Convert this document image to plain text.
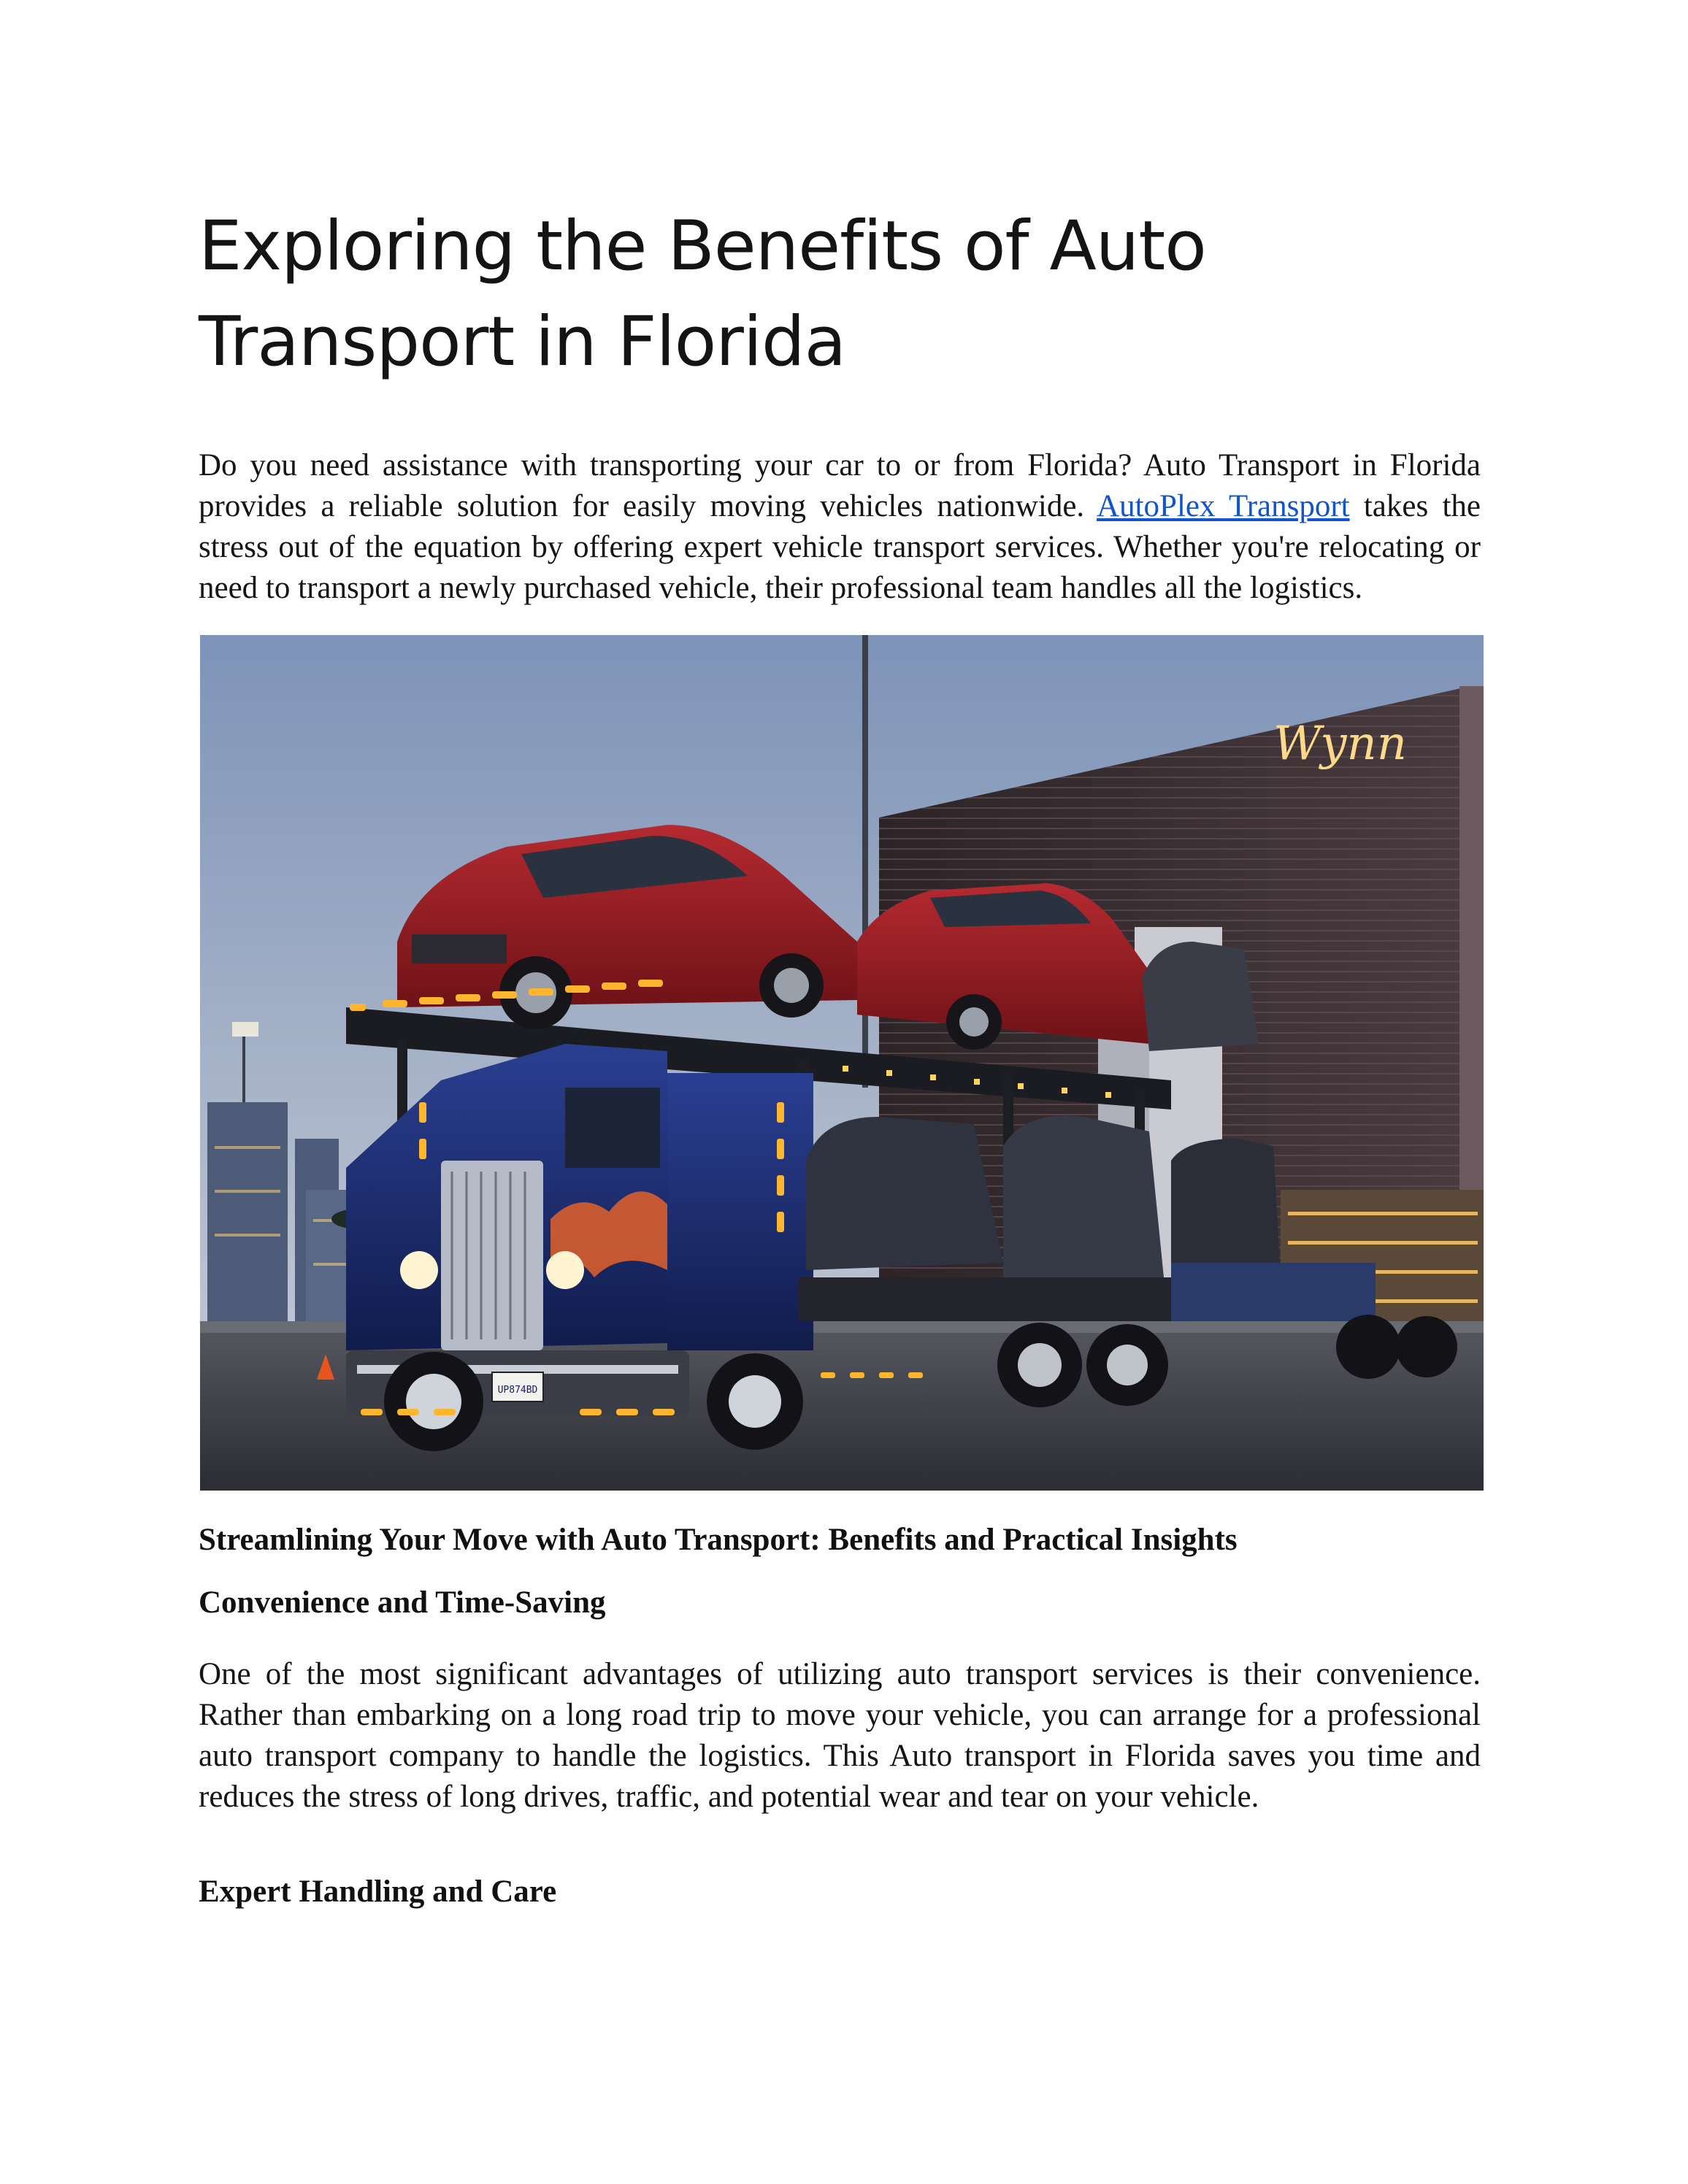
Exploring the Benefits of Auto Transport in Florida

Do you need assistance with transporting your car to or from Florida? Auto Transport in Florida provides a reliable solution for easily moving vehicles nationwide. AutoPlex Transport takes the stress out of the equation by offering expert vehicle transport services. Whether you're relocating or need to transport a newly purchased vehicle, their professional team handles all the logistics.

Wynn
UP874BD

Streamlining Your Move with Auto Transport: Benefits and Practical Insights

Convenience and Time-Saving

One of the most significant advantages of utilizing auto transport services is their convenience. Rather than embarking on a long road trip to move your vehicle, you can arrange for a professional auto transport company to handle the logistics. This Auto transport in Florida saves you time and reduces the stress of long drives, traffic, and potential wear and tear on your vehicle.

Expert Handling and Care
